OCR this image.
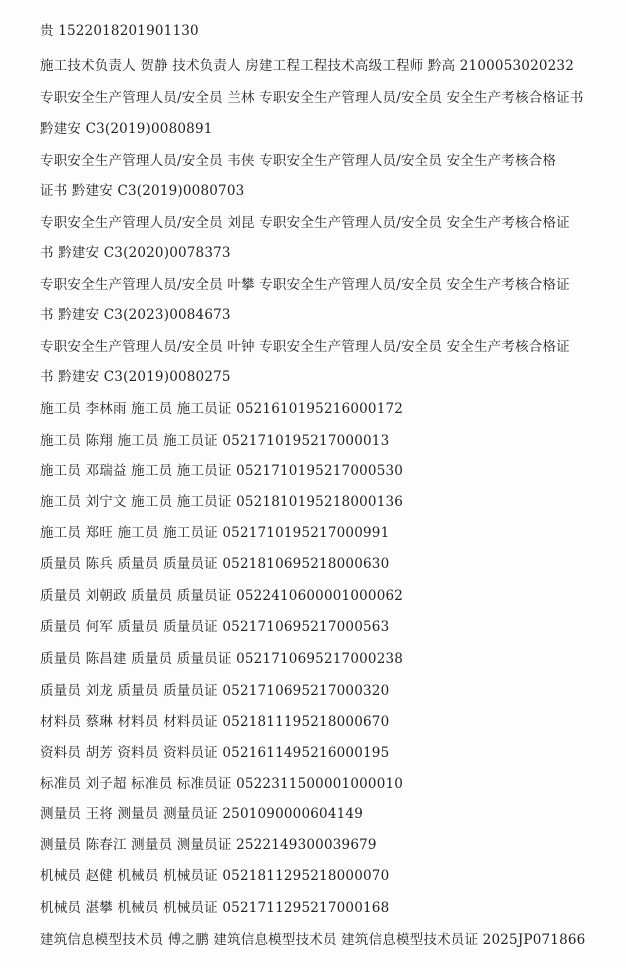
贵 1522018201901130
施工技术负责人 贺静 技术负责人 房建工程工程技术高级工程师 黔高 2100053020232
专职安全生产管理人员/安全员 兰林 专职安全生产管理人员/安全员 安全生产考核合格证书
黔建安 C3(2019)0080891
专职安全生产管理人员/安全员 韦侠 专职安全生产管理人员/安全员 安全生产考核合格
证书 黔建安 C3(2019)0080703
专职安全生产管理人员/安全员 刘昆 专职安全生产管理人员/安全员 安全生产考核合格证
书 黔建安 C3(2020)0078373
专职安全生产管理人员/安全员 叶攀 专职安全生产管理人员/安全员 安全生产考核合格证
书 黔建安 C3(2023)0084673
专职安全生产管理人员/安全员 叶钟 专职安全生产管理人员/安全员 安全生产考核合格证
书 黔建安 C3(2019)0080275
施工员 李林雨 施工员 施工员证 0521610195216000172
施工员 陈翔 施工员 施工员证 0521710195217000013
施工员 邓瑞益 施工员 施工员证 0521710195217000530
施工员 刘宁文 施工员 施工员证 0521810195218000136
施工员 郑旺 施工员 施工员证 0521710195217000991
质量员 陈兵 质量员 质量员证 0521810695218000630
质量员 刘朝政 质量员 质量员证 0522410600001000062
质量员 何军 质量员 质量员证 0521710695217000563
质量员 陈昌建 质量员 质量员证 0521710695217000238
质量员 刘龙 质量员 质量员证 0521710695217000320
材料员 蔡琳 材料员 材料员证 0521811195218000670
资料员 胡芳 资料员 资料员证 0521611495216000195
标准员 刘子超 标准员 标准员证 0522311500001000010
测量员 王将 测量员 测量员证 2501090000604149
测量员 陈春江 测量员 测量员证 2522149300039679
机械员 赵健 机械员 机械员证 0521811295218000070
机械员 湛攀 机械员 机械员证 0521711295217000168
建筑信息模型技术员 傅之鹏 建筑信息模型技术员 建筑信息模型技术员证 2025JP071866
